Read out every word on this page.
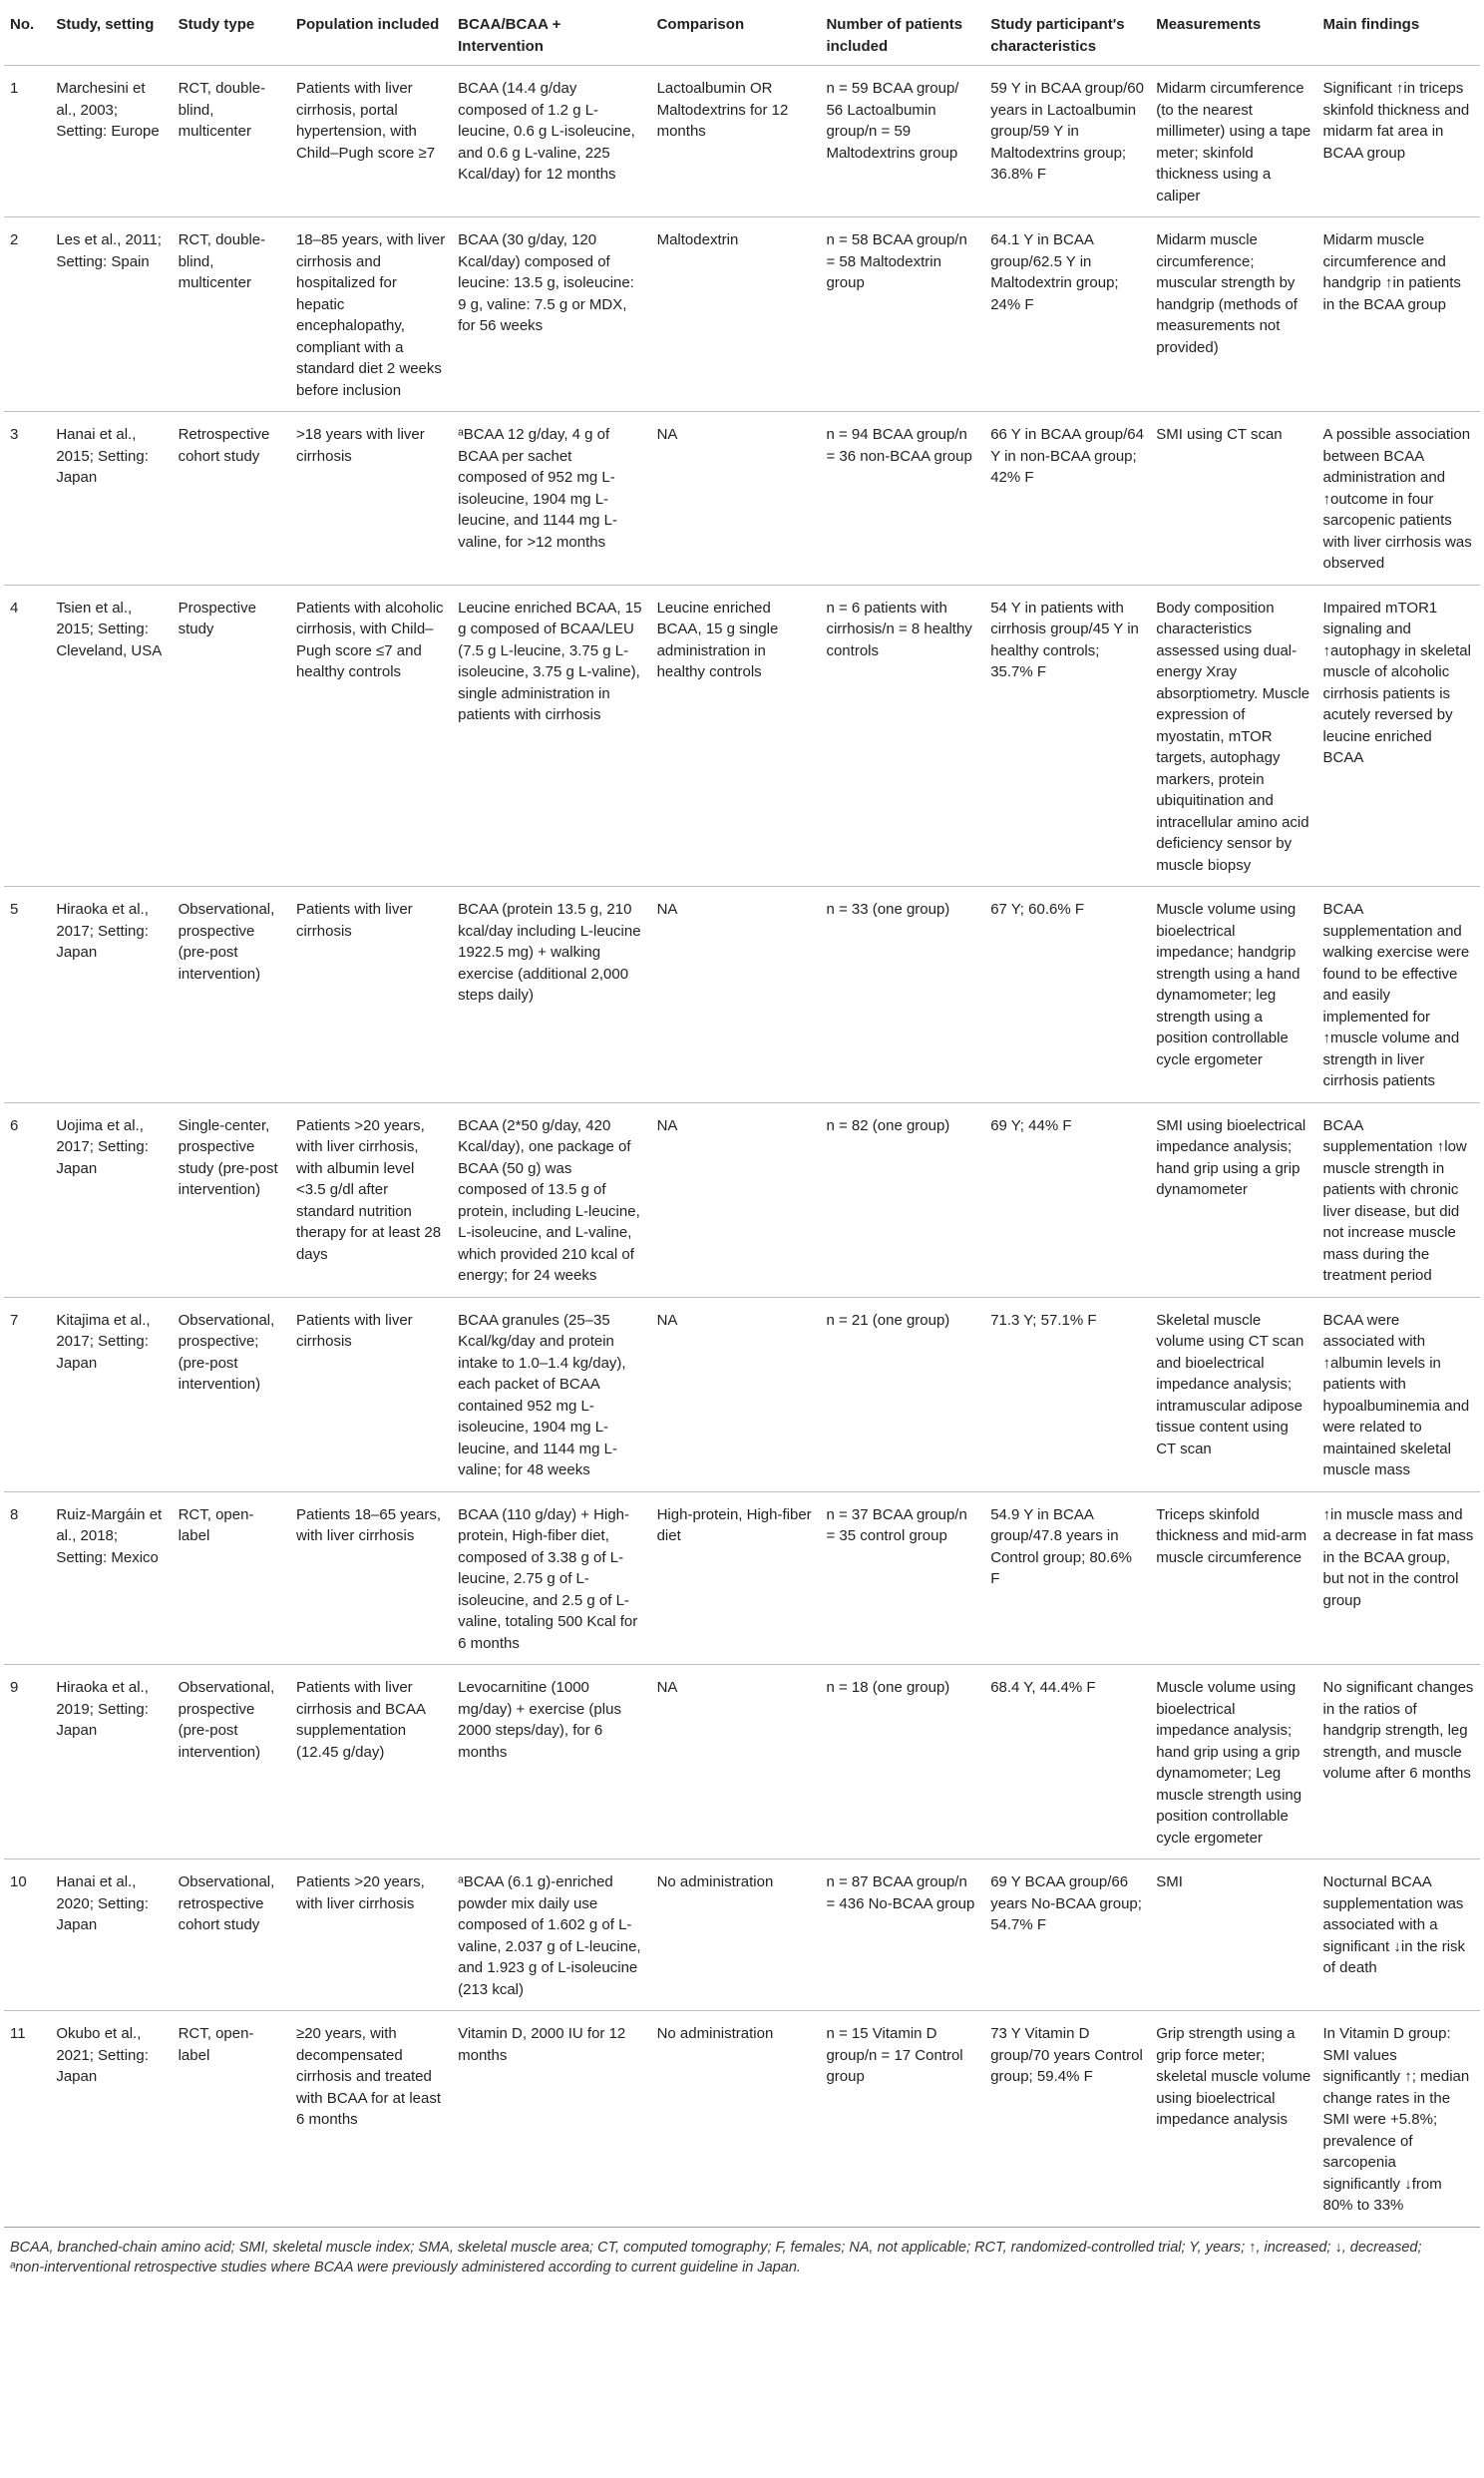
No.	Study, setting	Study type	Population included	BCAA/BCAA + Intervention	Comparison	Number of patients included	Study participant's characteristics	Measurements	Main findings
1	Marchesini et al., 2003; Setting: Europe	RCT, double-blind, multicenter	Patients with liver cirrhosis, portal hypertension, with Child–Pugh score ≥7	BCAA (14.4 g/day composed of 1.2 g L-leucine, 0.6 g L-isoleucine, and 0.6 g L-valine, 225 Kcal/day) for 12 months	Lactoalbumin OR Maltodextrins for 12 months	n = 59 BCAA group/ 56 Lactoalbumin group/n = 59 Maltodextrins group	59 Y in BCAA group/60 years in Lactoalbumin group/59 Y in Maltodextrins group; 36.8% F	Midarm circumference (to the nearest millimeter) using a tape meter; skinfold thickness using a caliper	Significant ↑in triceps skinfold thickness and midarm fat area in BCAA group
2	Les et al., 2011; Setting: Spain	RCT, double-blind, multicenter	18–85 years, with liver cirrhosis and hospitalized for hepatic encephalopathy, compliant with a standard diet 2 weeks before inclusion	BCAA (30 g/day, 120 Kcal/day) composed of leucine: 13.5 g, isoleucine: 9 g, valine: 7.5 g or MDX, for 56 weeks	Maltodextrin	n = 58 BCAA group/n = 58 Maltodextrin group	64.1 Y in BCAA group/62.5 Y in Maltodextrin group; 24% F	Midarm muscle circumference; muscular strength by handgrip (methods of measurements not provided)	Midarm muscle circumference and handgrip ↑in patients in the BCAA group
3	Hanai et al., 2015; Setting: Japan	Retrospective cohort study	>18 years with liver cirrhosis	ᵃBCAA 12 g/day, 4 g of BCAA per sachet composed of 952 mg L-isoleucine, 1904 mg L-leucine, and 1144 mg L-valine, for >12 months	NA	n = 94 BCAA group/n = 36 non-BCAA group	66 Y in BCAA group/64 Y in non-BCAA group; 42% F	SMI using CT scan	A possible association between BCAA administration and ↑outcome in four sarcopenic patients with liver cirrhosis was observed
4	Tsien et al., 2015; Setting: Cleveland, USA	Prospective study	Patients with alcoholic cirrhosis, with Child–Pugh score ≤7 and healthy controls	Leucine enriched BCAA, 15 g composed of BCAA/LEU (7.5 g L-leucine, 3.75 g L-isoleucine, 3.75 g L-valine), single administration in patients with cirrhosis	Leucine enriched BCAA, 15 g single administration in healthy controls	n = 6 patients with cirrhosis/n = 8 healthy controls	54 Y in patients with cirrhosis group/45 Y in healthy controls; 35.7% F	Body composition characteristics assessed using dual-energy Xray absorptiometry. Muscle expression of myostatin, mTOR targets, autophagy markers, protein ubiquitination and intracellular amino acid deficiency sensor by muscle biopsy	Impaired mTOR1 signaling and ↑autophagy in skeletal muscle of alcoholic cirrhosis patients is acutely reversed by leucine enriched BCAA
5	Hiraoka et al., 2017; Setting: Japan	Observational, prospective (pre-post intervention)	Patients with liver cirrhosis	BCAA (protein 13.5 g, 210 kcal/day including L-leucine 1922.5 mg) + walking exercise (additional 2,000 steps daily)	NA	n = 33 (one group)	67 Y; 60.6% F	Muscle volume using bioelectrical impedance; handgrip strength using a hand dynamometer; leg strength using a position controllable cycle ergometer	BCAA supplementation and walking exercise were found to be effective and easily implemented for ↑muscle volume and strength in liver cirrhosis patients
6	Uojima et al., 2017; Setting: Japan	Single-center, prospective study (pre-post intervention)	Patients >20 years, with liver cirrhosis, with albumin level <3.5 g/dl after standard nutrition therapy for at least 28 days	BCAA (2*50 g/day, 420 Kcal/day), one package of BCAA (50 g) was composed of 13.5 g of protein, including L-leucine, L-isoleucine, and L-valine, which provided 210 kcal of energy; for 24 weeks	NA	n = 82 (one group)	69 Y; 44% F	SMI using bioelectrical impedance analysis; hand grip using a grip dynamometer	BCAA supplementation ↑low muscle strength in patients with chronic liver disease, but did not increase muscle mass during the treatment period
7	Kitajima et al., 2017; Setting: Japan	Observational, prospective; (pre-post intervention)	Patients with liver cirrhosis	BCAA granules (25–35 Kcal/kg/day and protein intake to 1.0–1.4 kg/day), each packet of BCAA contained 952 mg L-isoleucine, 1904 mg L-leucine, and 1144 mg L-valine; for 48 weeks	NA	n = 21 (one group)	71.3 Y; 57.1% F	Skeletal muscle volume using CT scan and bioelectrical impedance analysis; intramuscular adipose tissue content using CT scan	BCAA were associated with ↑albumin levels in patients with hypoalbuminemia and were related to maintained skeletal muscle mass
8	Ruiz-Margáin et al., 2018; Setting: Mexico	RCT, open-label	Patients 18–65 years, with liver cirrhosis	BCAA (110 g/day) + High-protein, High-fiber diet, composed of 3.38 g of L-leucine, 2.75 g of L-isoleucine, and 2.5 g of L-valine, totaling 500 Kcal for 6 months	High-protein, High-fiber diet	n = 37 BCAA group/n = 35 control group	54.9 Y in BCAA group/47.8 years in Control group; 80.6% F	Triceps skinfold thickness and mid-arm muscle circumference	↑in muscle mass and a decrease in fat mass in the BCAA group, but not in the control group
9	Hiraoka et al., 2019; Setting: Japan	Observational, prospective (pre-post intervention)	Patients with liver cirrhosis and BCAA supplementation (12.45 g/day)	Levocarnitine (1000 mg/day) + exercise (plus 2000 steps/day), for 6 months	NA	n = 18 (one group)	68.4 Y, 44.4% F	Muscle volume using bioelectrical impedance analysis; hand grip using a grip dynamometer; Leg muscle strength using position controllable cycle ergometer	No significant changes in the ratios of handgrip strength, leg strength, and muscle volume after 6 months
10	Hanai et al., 2020; Setting: Japan	Observational, retrospective cohort study	Patients >20 years, with liver cirrhosis	ᵃBCAA (6.1 g)-enriched powder mix daily use composed of 1.602 g of L-valine, 2.037 g of L-leucine, and 1.923 g of L-isoleucine (213 kcal)	No administration	n = 87 BCAA group/n = 436 No-BCAA group	69 Y BCAA group/66 years No-BCAA group; 54.7% F	SMI	Nocturnal BCAA supplementation was associated with a significant ↓in the risk of death
11	Okubo et al., 2021; Setting: Japan	RCT, open-label	≥20 years, with decompensated cirrhosis and treated with BCAA for at least 6 months	Vitamin D, 2000 IU for 12 months	No administration	n = 15 Vitamin D group/n = 17 Control group	73 Y Vitamin D group/70 years Control group; 59.4% F	Grip strength using a grip force meter; skeletal muscle volume using bioelectrical impedance analysis	In Vitamin D group: SMI values significantly ↑; median change rates in the SMI were +5.8%; prevalence of sarcopenia significantly ↓from 80% to 33%

BCAA, branched-chain amino acid; SMI, skeletal muscle index; SMA, skeletal muscle area; CT, computed tomography; F, females; NA, not applicable; RCT, randomized-controlled trial; Y, years; ↑, increased; ↓, decreased;

ᵃnon-interventional retrospective studies where BCAA were previously administered according to current guideline in Japan.
